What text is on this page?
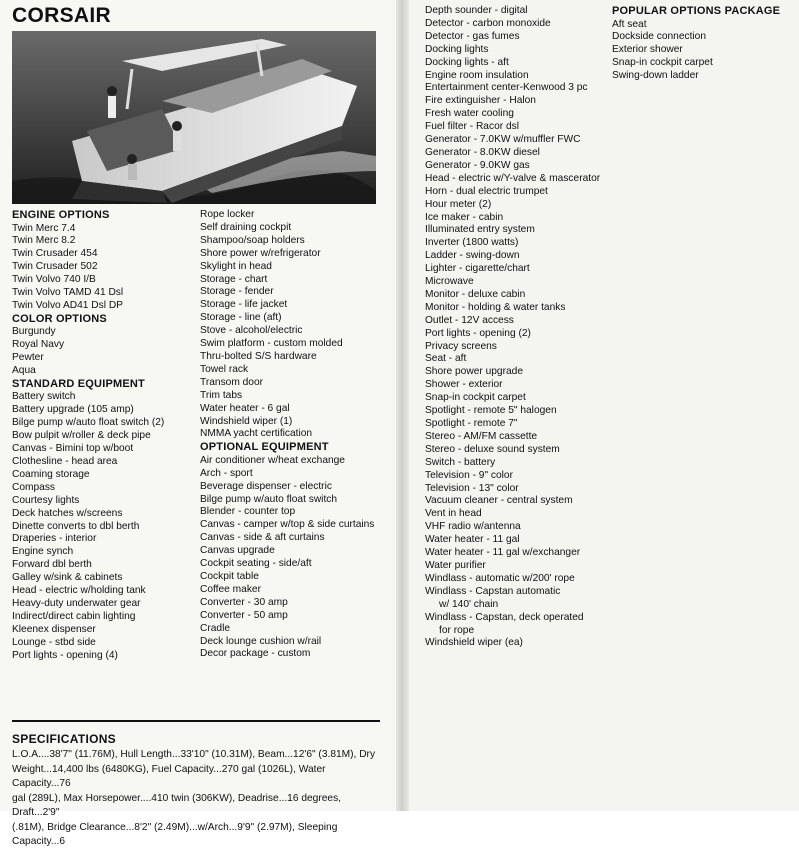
CORSAIR
ENGINE OPTIONS
Twin Merc 7.4
Twin Merc 8.2
Twin Crusader 454
Twin Crusader 502
Twin Volvo 740 I/B
Twin Volvo TAMD 41 Dsl
Twin Volvo AD41 Dsl DP
COLOR OPTIONS
Burgundy
Royal Navy
Pewter
Aqua
STANDARD EQUIPMENT
Battery switch
Battery upgrade (105 amp)
Bilge pump w/auto float switch (2)
Bow pulpit w/roller & deck pipe
Canvas - Bimini top w/boot
Clothesline - head area
Coaming storage
Compass
Courtesy lights
Deck hatches w/screens
Dinette converts to dbl berth
Draperies - interior
Engine synch
Forward dbl berth
Galley w/sink & cabinets
Head - electric w/holding tank
Heavy-duty underwater gear
Indirect/direct cabin lighting
Kleenex dispenser
Lounge - stbd side
Port lights - opening (4)
Rope locker
Self draining cockpit
Shampoo/soap holders
Shore power w/refrigerator
Skylight in head
Storage - chart
Storage - fender
Storage - life jacket
Storage - line (aft)
Stove - alcohol/electric
Swim platform - custom molded
Thru-bolted S/S hardware
Towel rack
Transom door
Trim tabs
Water heater - 6 gal
Windshield wiper (1)
NMMA yacht certification
OPTIONAL EQUIPMENT
Air conditioner w/heat exchange
Arch - sport
Beverage dispenser - electric
Bilge pump w/auto float switch
Blender - counter top
Canvas - camper w/top & side curtains
Canvas - side & aft curtains
Canvas upgrade
Cockpit seating - side/aft
Cockpit table
Coffee maker
Converter - 30 amp
Converter - 50 amp
Cradle
Deck lounge cushion w/rail
Decor package - custom
SPECIFICATIONS
L.O.A....38'7" (11.76M), Hull Length...33'10" (10.31M), Beam...12'6" (3.81M), Dry
Weight...14,400 lbs (6480KG), Fuel Capacity...270 gal (1026L), Water Capacity...76
gal (289L), Max Horsepower....410 twin (306KW), Deadrise...16 degrees, Draft...2'9"
(.81M), Bridge Clearance...8'2" (2.49M)...w/Arch...9'9" (2.97M), Sleeping Capacity...6
Depth sounder - digital
Detector - carbon monoxide
Detector - gas fumes
Docking lights
Docking lights - aft
Engine room insulation
Entertainment center-Kenwood 3 pc
Fire extinguisher - Halon
Fresh water cooling
Fuel filter - Racor dsl
Generator - 7.0KW w/muffler FWC
Generator - 8.0KW diesel
Generator - 9.0KW gas
Head - electric w/Y-valve & mascerator
Horn - dual electric trumpet
Hour meter (2)
Ice maker - cabin
Illuminated entry system
Inverter (1800 watts)
Ladder - swing-down
Lighter - cigarette/chart
Microwave
Monitor - deluxe cabin
Monitor - holding & water tanks
Outlet - 12V access
Port lights - opening (2)
Privacy screens
Seat - aft
Shore power upgrade
Shower - exterior
Snap-in cockpit carpet
Spotlight - remote 5" halogen
Spotlight - remote 7"
Stereo - AM/FM cassette
Stereo - deluxe sound system
Switch - battery
Television - 9" color
Television - 13" color
Vacuum cleaner - central system
Vent in head
VHF radio w/antenna
Water heater - 11 gal
Water heater - 11 gal w/exchanger
Water purifier
Windlass - automatic w/200' rope
Windlass - Capstan automatic
w/ 140' chain
Windlass - Capstan, deck operated
for rope
Windshield wiper (ea)
POPULAR OPTIONS PACKAGE
Aft seat
Dockside connection
Exterior shower
Snap-in cockpit carpet
Swing-down ladder
